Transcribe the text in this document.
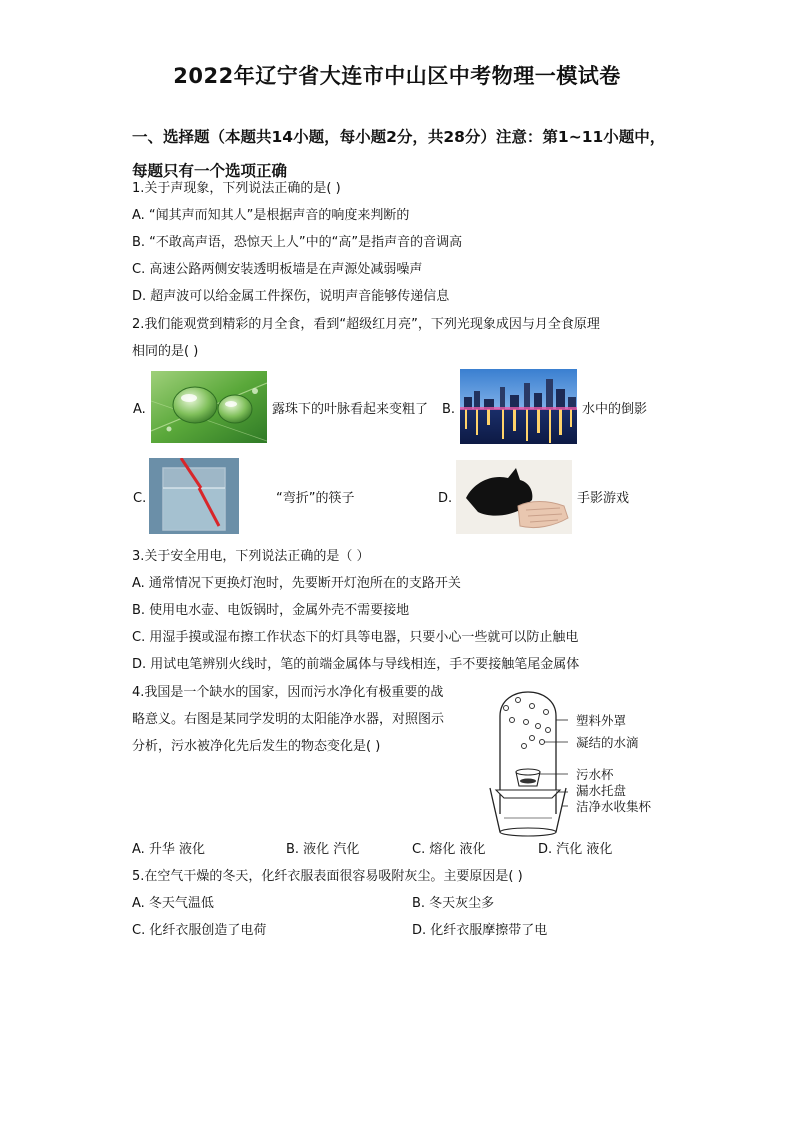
2022年辽宁省大连市中山区中考物理一模试卷
一、选择题（本题共14小题，每小题2分，共28分）注意：第1~11小题中，每题只有一个选项正确
1.关于声现象，下列说法正确的是( )
A. “闻其声而知其人”是根据声音的响度来判断的
B. “不敢高声语，恐惊天上人”中的“高”是指声音的音调高
C. 高速公路两侧安装透明板墙是在声源处减弱噪声
D. 超声波可以给金属工件探伤，说明声音能够传递信息
2.我们能观赏到精彩的月全食，看到“超级红月亮”，下列光现象成因与月全食原理
相同的是( )
A.	露珠下的叶脉看起来变粗了 B.	水中的倒影
C.	“弯折”的筷子	D.	手影游戏
3.关于安全用电，下列说法正确的是（ ）
A. 通常情况下更换灯泡时，先要断开灯泡所在的支路开关
B. 使用电水壶、电饭锅时，金属外壳不需要接地
C. 用湿手摸或湿布擦工作状态下的灯具等电器，只要小心一些就可以防止触电
D. 用试电笔辨别火线时，笔的前端金属体与导线相连，手不要接触笔尾金属体
4.我国是一个缺水的国家，因而污水净化有极重要的战
略意义。右图是某同学发明的太阳能净水器，对照图示
分析，污水被净化先后发生的物态变化是( )
塑料外罩
凝结的水滴
污水杯
漏水托盘
洁净水收集杯
A. 升华 液化	B. 液化 汽化	C. 熔化 液化	D. 汽化 液化
5.在空气干燥的冬天，化纤衣服表面很容易吸附灰尘。主要原因是( )
A. 冬天气温低	B. 冬天灰尘多
C. 化纤衣服创造了电荷	D. 化纤衣服摩擦带了电
